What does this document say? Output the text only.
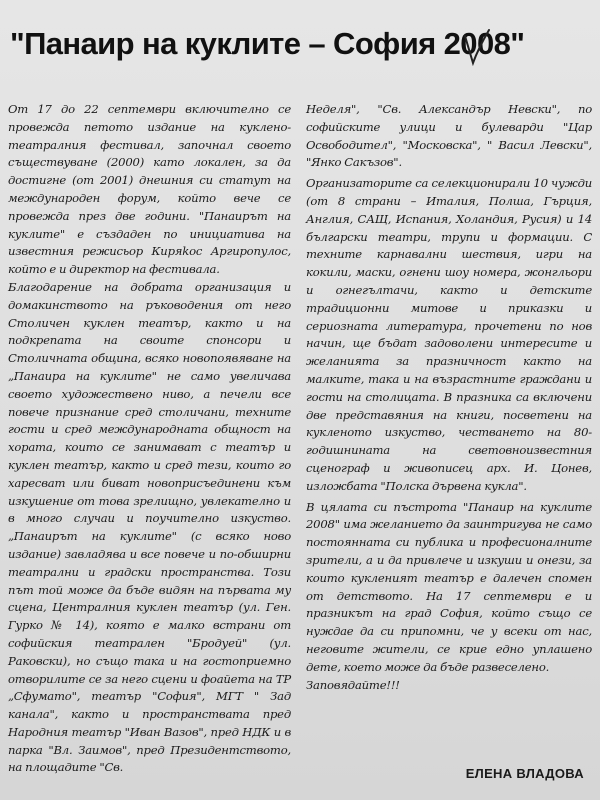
"Панаир на куклите – София 2008"

От 17 до 22 септември включително се провежда петото издание на кукленo-театралния фестивал, започнал своето съществуване (2000) като локален, за да достигне (от 2001) днешния си статут на международен форум, който вече се провежда през две години. "Панаирът на куклите" е създаден по инициатива на известния режисьор Киряkос Аргиропулос, който е и директор на фестивала.

Благодарение на добрата организация и домакинството на ръководения от него Столичен куклен театър, както и на подкрепата на своите спонсори и Столичната община, всяко новопоявяване на „Панаира на куклите" не само увеличава своето художествено ниво, а печели все повече признание сред столичани, техните гости и сред международната общност на хората, които се занимават с театър и куклен театър, както и сред тези, които го харесват или биват новоприсъединени към изкушение от това зрелищно, увлекателно и в много случаи и поучително изкуство. „Панаирът на куклите" (с всяко ново издание) завладява и все повече и по-обширни театрални и градски пространства. Този път той може да бъде видян на първата му сцена, Централния куклен театър (ул. Ген. Гурко № 14), която е малко встрани от софийския театрален "Бродуей" (ул. Раковски), но също така и на гостоприемно отворилите се за него сцени и фоайета на ТР „Сфумато", театър "София", МГТ " Зад канала", както и пространствата пред Народния театър "Иван Вазов", пред НДК и в парка "Вл. Заимов", пред Президентството, на площадите "Св.

Неделя", "Св. Александър Невски", по софийските улици и булеварди "Цар Освободител", "Московска", " Васил Левски", "Янко Сакъзов".

Организаторите са селекционирали 10 чужди (от 8 страни – Италия, Полша, Гърция, Англия, САЩ, Испания, Холандия, Русия) и 14 български театри, трупи и формации. С техните карнавални шествия, игри на кокили, маски, огнени шоу номера, жонгльори и огнегълтачи, както и детските традиционни митове и приказки и сериозната литература, прочетени по нов начин, ще бъдат задоволени интересите и желанията за празничност както на малките, така и на възрастните граждани и гости на столицата. В празника са включени две представяния на книги, посветени на кукленото изкуство, честването на 80-годишнината на световноизвестния сценограф и живописец арх. И. Цонев, изложбата "Полска дървена кукла".

В цялата си пъстрота "Панаир на куклите 2008" има желанието да заинтригува не само постоянната си публика и професионалните зрители, а и да привлече и изкуши и онези, за които кукленият театър е далечен спомен от детството. На 17 септември е и празникът на град София, който също се нуждае да си припомни, че у всеки от нас, неговите жители, се крие едно уплашено дете, което може да бъде развеселено.

Заповядайте!!!

ЕЛЕНА ВЛАДОВА
